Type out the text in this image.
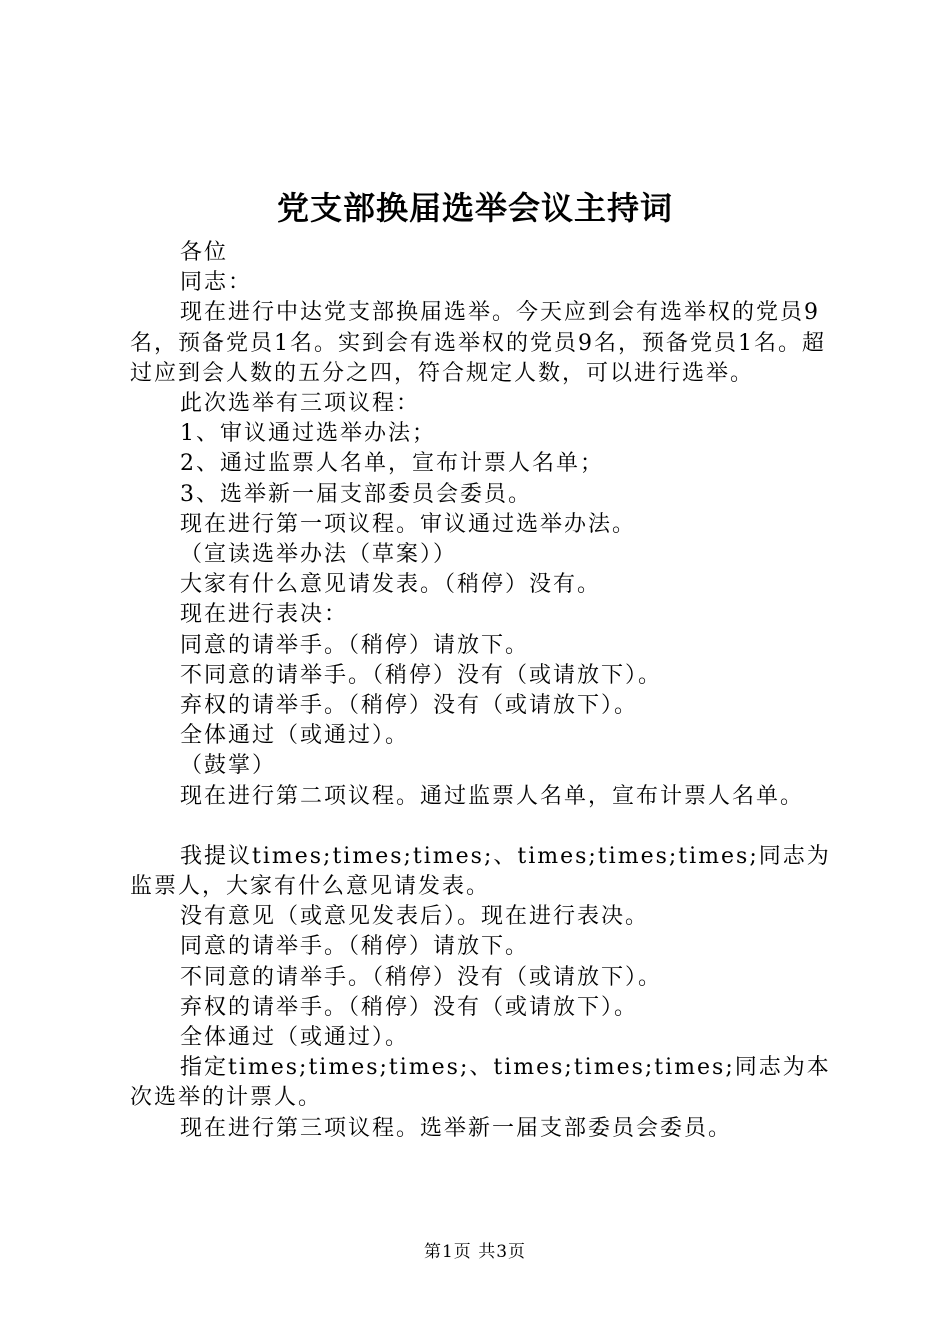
党支部换届选举会议主持词

各位

同志：

现在进行中达党支部换届选举。今天应到会有选举权的党员9名，预备党员1名。实到会有选举权的党员9名，预备党员1名。超过应到会人数的五分之四，符合规定人数，可以进行选举。

此次选举有三项议程：

1、审议通过选举办法；

2、通过监票人名单，宣布计票人名单；

3、选举新一届支部委员会委员。

现在进行第一项议程。审议通过选举办法。

（宣读选举办法（草案））

大家有什么意见请发表。（稍停）没有。

现在进行表决：

同意的请举手。（稍停）请放下。

不同意的请举手。（稍停）没有（或请放下）。

弃权的请举手。（稍停）没有（或请放下）。

全体通过（或通过）。

（鼓掌）

现在进行第二项议程。通过监票人名单，宣布计票人名单。

我提议times;times;times;、times;times;times;同志为监票人，大家有什么意见请发表。

没有意见（或意见发表后）。现在进行表决。

同意的请举手。（稍停）请放下。

不同意的请举手。（稍停）没有（或请放下）。

弃权的请举手。（稍停）没有（或请放下）。

全体通过（或通过）。

指定times;times;times;、times;times;times;同志为本次选举的计票人。

现在进行第三项议程。选举新一届支部委员会委员。

第1页 共3页
